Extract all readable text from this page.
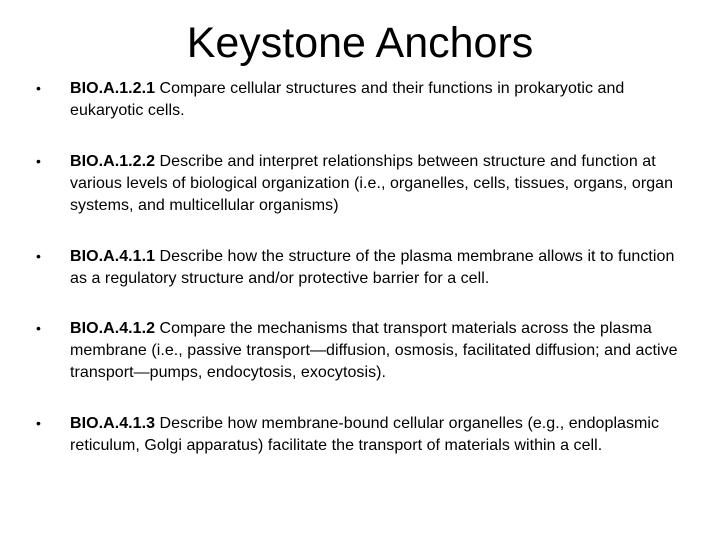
Keystone Anchors
• BIO.A.1.2.1 Compare cellular structures and their functions in prokaryotic and eukaryotic cells.
• BIO.A.1.2.2 Describe and interpret relationships between structure and function at various levels of biological organization (i.e., organelles, cells, tissues, organs, organ systems, and multicellular organisms)
• BIO.A.4.1.1 Describe how the structure of the plasma membrane allows it to function as a regulatory structure and/or protective barrier for a cell.
• BIO.A.4.1.2 Compare the mechanisms that transport materials across the plasma membrane (i.e., passive transport—diffusion, osmosis, facilitated diffusion; and active transport—pumps, endocytosis, exocytosis).
• BIO.A.4.1.3 Describe how membrane‐bound cellular organelles (e.g., endoplasmic reticulum, Golgi apparatus) facilitate the transport of materials within a cell.
